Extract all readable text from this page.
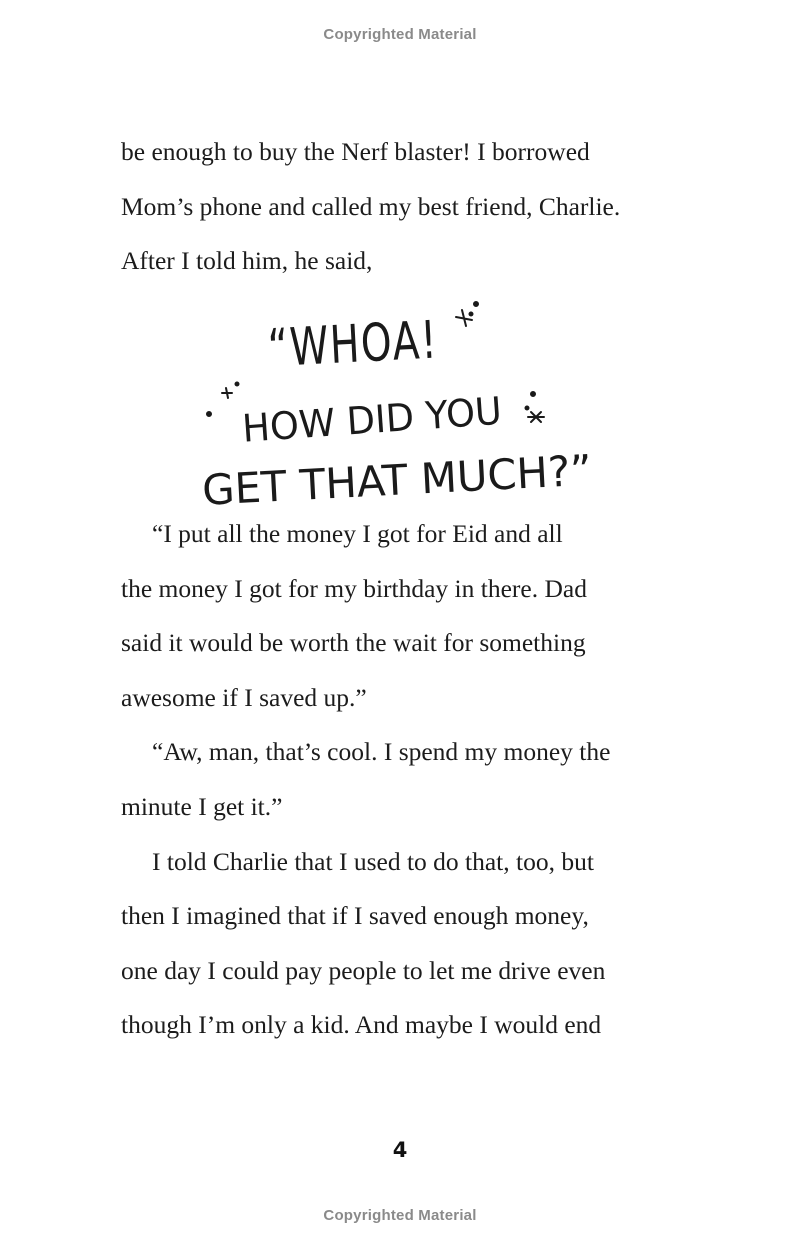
Copyrighted Material

be enough to buy the Nerf blaster! I borrowed

Mom’s phone and called my best friend, Charlie.

After I told him, he said,

“WHOA!
HOW DID YOU
GET THAT MUCH?”

“I put all the money I got for Eid and all

the money I got for my birthday in there. Dad

said it would be worth the wait for something

awesome if I saved up.”

“Aw, man, that’s cool. I spend my money the

minute I get it.”

I told Charlie that I used to do that, too, but

then I imagined that if I saved enough money,

one day I could pay people to let me drive even

though I’m only a kid. And maybe I would end

4
Copyrighted Material
